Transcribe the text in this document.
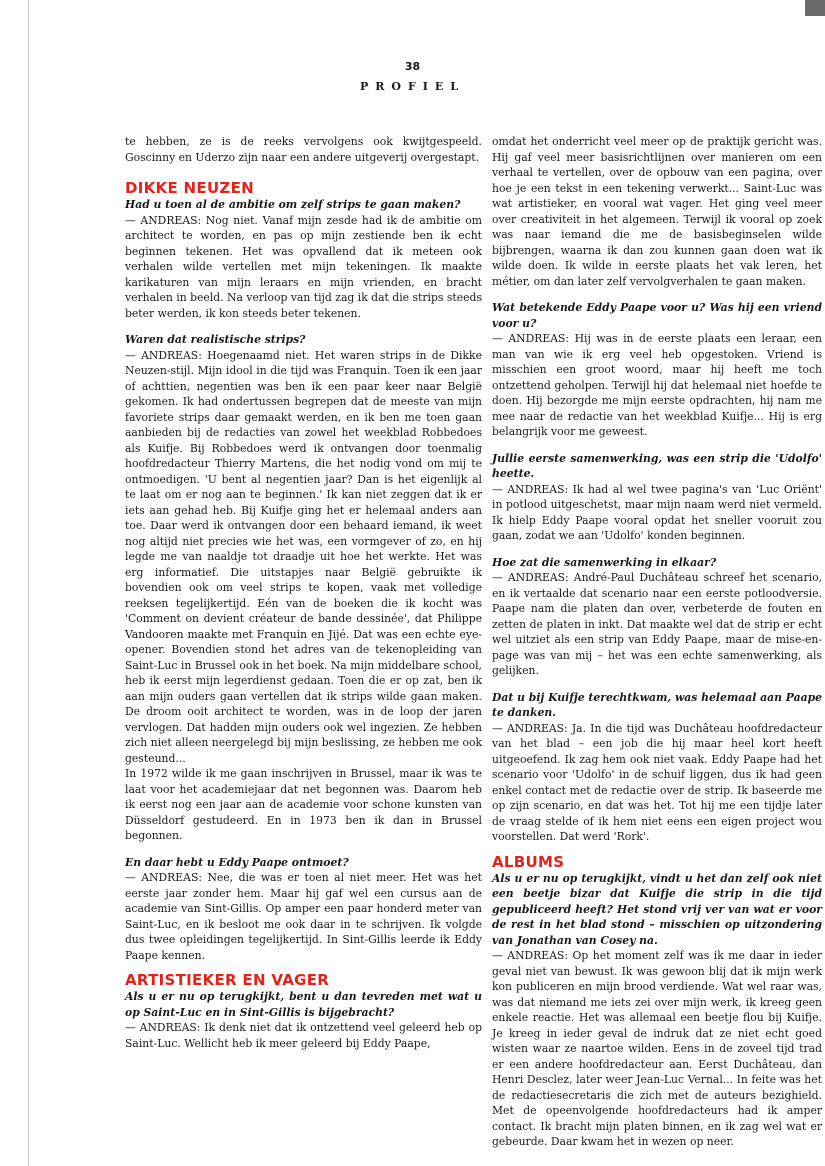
38
PROFIEL

te hebben, ze is de reeks vervolgens ook kwijtgespeeld. Goscinny en Uderzo zijn naar een andere uitgeverij overgestapt.

DIKKE NEUZEN

Had u toen al de ambitie om zelf strips te gaan maken?

— ANDREAS: Nog niet. Vanaf mijn zesde had ik de ambitie om architect te worden, en pas op mijn zestiende ben ik echt beginnen tekenen. Het was opvallend dat ik meteen ook verhalen wilde vertellen met mijn tekeningen. Ik maakte karikaturen van mijn leraars en mijn vrienden, en bracht verhalen in beeld. Na verloop van tijd zag ik dat die strips steeds beter werden, ik kon steeds beter tekenen.

Waren dat realistische strips?

— ANDREAS: Hoegenaamd niet. Het waren strips in de Dikke Neuzen-stijl. Mijn idool in die tijd was Franquin. Toen ik een jaar of achttien, negentien was ben ik een paar keer naar België gekomen. Ik had ondertussen begrepen dat de meeste van mijn favoriete strips daar gemaakt werden, en ik ben me toen gaan aanbieden bij de redacties van zowel het weekblad Robbedoes als Kuifje. Bij Robbedoes werd ik ontvangen door toenmalig hoofdredacteur Thierry Martens, die het nodig vond om mij te ontmoedigen. 'U bent al negentien jaar? Dan is het eigenlijk al te laat om er nog aan te beginnen.' Ik kan niet zeggen dat ik er iets aan gehad heb. Bij Kuifje ging het er helemaal anders aan toe. Daar werd ik ontvangen door een behaard iemand, ik weet nog altijd niet precies wie het was, een vormgever of zo, en hij legde me van naaldje tot draadje uit hoe het werkte. Het was erg informatief. Die uitstapjes naar België gebruikte ik bovendien ook om veel strips te kopen, vaak met volledige reeksen tegelijkertijd. Eén van de boeken die ik kocht was 'Comment on devient créateur de bande dessinée', dat Philippe Vandooren maakte met Franquin en Jijé. Dat was een echte eye-opener. Bovendien stond het adres van de tekenopleiding van Saint-Luc in Brussel ook in het boek. Na mijn middelbare school, heb ik eerst mijn legerdienst gedaan. Toen die er op zat, ben ik aan mijn ouders gaan vertellen dat ik strips wilde gaan maken. De droom ooit architect te worden, was in de loop der jaren vervlogen. Dat hadden mijn ouders ook wel ingezien. Ze hebben zich niet alleen neergelegd bij mijn beslissing, ze hebben me ook gesteund...

In 1972 wilde ik me gaan inschrijven in Brussel, maar ik was te laat voor het academiejaar dat net begonnen was. Daarom heb ik eerst nog een jaar aan de academie voor schone kunsten van Düsseldorf gestudeerd. En in 1973 ben ik dan in Brussel begonnen.

En daar hebt u Eddy Paape ontmoet?

— ANDREAS: Nee, die was er toen al niet meer. Het was het eerste jaar zonder hem. Maar hij gaf wel een cursus aan de academie van Sint-Gillis. Op amper een paar honderd meter van Saint-Luc, en ik besloot me ook daar in te schrijven. Ik volgde dus twee opleidingen tegelijkertijd. In Sint-Gillis leerde ik Eddy Paape kennen.

ARTISTIEKER EN VAGER

Als u er nu op terugkijkt, bent u dan tevreden met wat u op Saint-Luc en in Sint-Gillis is bijgebracht?

— ANDREAS: Ik denk niet dat ik ontzettend veel geleerd heb op Saint-Luc. Wellicht heb ik meer geleerd bij Eddy Paape,

omdat het onderricht veel meer op de praktijk gericht was. Hij gaf veel meer basisrichtlijnen over manieren om een verhaal te vertellen, over de opbouw van een pagina, over hoe je een tekst in een tekening verwerkt... Saint-Luc was wat artistieker, en vooral wat vager. Het ging veel meer over creativiteit in het algemeen. Terwijl ik vooral op zoek was naar iemand die me de basisbeginselen wilde bijbrengen, waarna ik dan zou kunnen gaan doen wat ik wilde doen. Ik wilde in eerste plaats het vak leren, het métier, om dan later zelf vervolgverhalen te gaan maken.

Wat betekende Eddy Paape voor u? Was hij een vriend voor u?

— ANDREAS: Hij was in de eerste plaats een leraar, een man van wie ik erg veel heb opgestoken. Vriend is misschien een groot woord, maar hij heeft me toch ontzettend geholpen. Terwijl hij dat helemaal niet hoefde te doen. Hij bezorgde me mijn eerste opdrachten, hij nam me mee naar de redactie van het weekblad Kuifje... Hij is erg belangrijk voor me geweest.

Jullie eerste samenwerking, was een strip die 'Udolfo' heette.

— ANDREAS: Ik had al wel twee pagina's van 'Luc Oriënt' in potlood uitgeschetst, maar mijn naam werd niet vermeld. Ik hielp Eddy Paape vooral opdat het sneller vooruit zou gaan, zodat we aan 'Udolfo' konden beginnen.

Hoe zat die samenwerking in elkaar?

— ANDREAS: André-Paul Duchâteau schreef het scenario, en ik vertaalde dat scenario naar een eerste potloodversie. Paape nam die platen dan over, verbeterde de fouten en zetten de platen in inkt. Dat maakte wel dat de strip er echt wel uitziet als een strip van Eddy Paape, maar de mise-en-page was van mij – het was een echte samenwerking, als gelijken.

Dat u bij Kuifje terechtkwam, was helemaal aan Paape te danken.

— ANDREAS: Ja. In die tijd was Duchâteau hoofdredacteur van het blad – een job die hij maar heel kort heeft uitgeoefend. Ik zag hem ook niet vaak. Eddy Paape had het scenario voor 'Udolfo' in de schuif liggen, dus ik had geen enkel contact met de redactie over de strip. Ik baseerde me op zijn scenario, en dat was het. Tot hij me een tijdje later de vraag stelde of ik hem niet eens een eigen project wou voorstellen. Dat werd 'Rork'.

ALBUMS

Als u er nu op terugkijkt, vindt u het dan zelf ook niet een beetje bizar dat Kuifje die strip in die tijd gepubliceerd heeft? Het stond vrij ver van wat er voor de rest in het blad stond – misschien op uitzondering van Jonathan van Cosey na.

— ANDREAS: Op het moment zelf was ik me daar in ieder geval niet van bewust. Ik was gewoon blij dat ik mijn werk kon publiceren en mijn brood verdiende. Wat wel raar was, was dat niemand me iets zei over mijn werk, ik kreeg geen enkele reactie. Het was allemaal een beetje flou bij Kuifje. Je kreeg in ieder geval de indruk dat ze niet echt goed wisten waar ze naartoe wilden. Eens in de zoveel tijd trad er een andere hoofdredacteur aan. Eerst Duchâteau, dan Henri Desclez, later weer Jean-Luc Vernal... In feite was het de redactiesecretaris die zich met de auteurs bezighield. Met de opeenvolgende hoofdredacteurs had ik amper contact. Ik bracht mijn platen binnen, en ik zag wel wat er gebeurde. Daar kwam het in wezen op neer.
